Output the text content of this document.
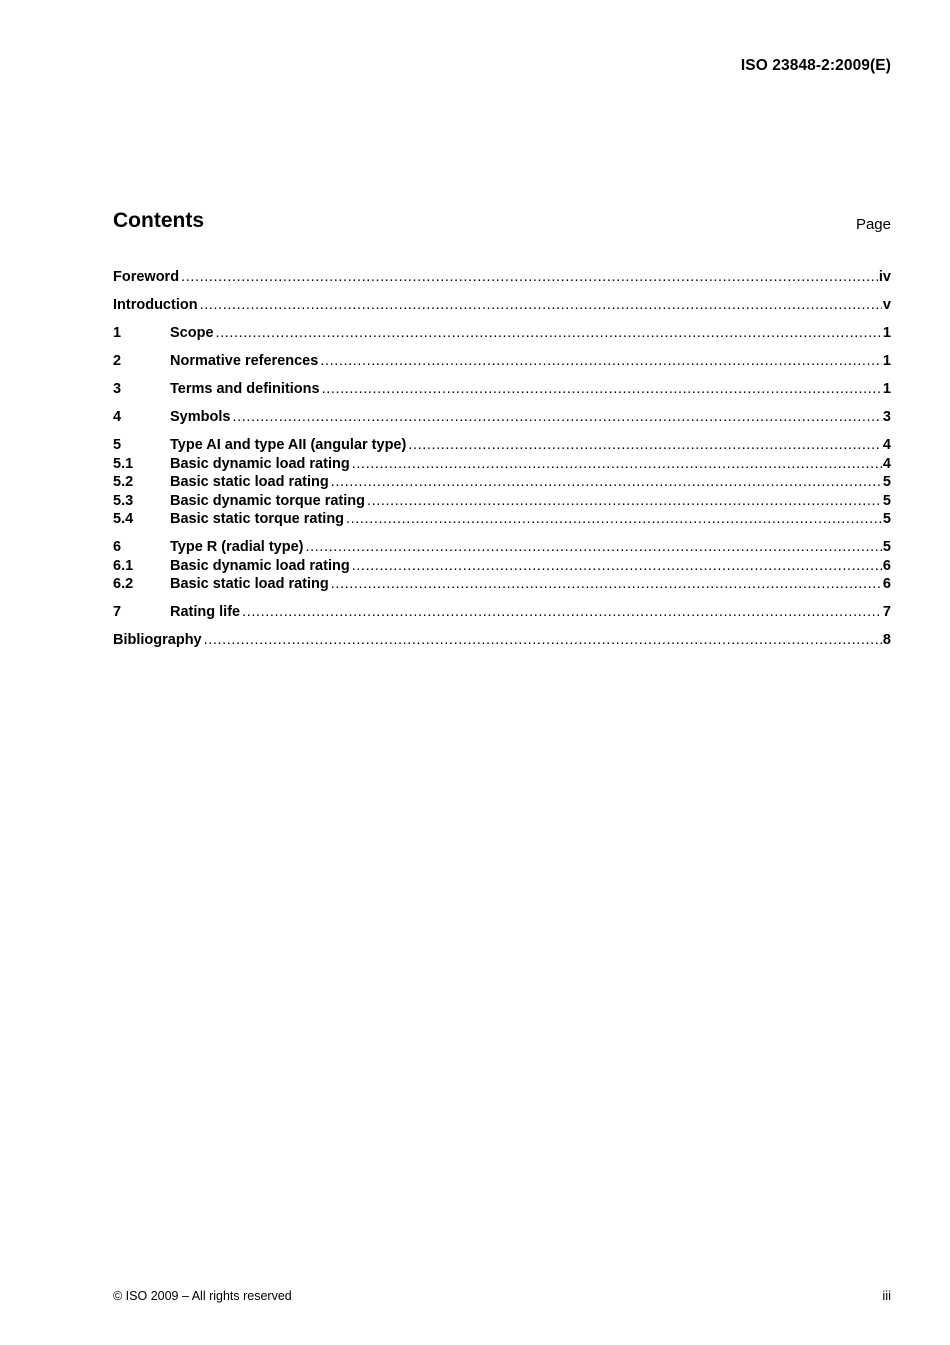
ISO 23848-2:2009(E)
Contents	Page
Foreword .....	iv
Introduction .....	v
1	Scope .....	1
2	Normative references .....	1
3	Terms and definitions .....	1
4	Symbols .....	3
5	Type AI and type AII (angular type) .....	4
5.1	Basic dynamic load rating .....	4
5.2	Basic static load rating .....	5
5.3	Basic dynamic torque rating .....	5
5.4	Basic static torque rating .....	5
6	Type R (radial type) .....	5
6.1	Basic dynamic load rating .....	6
6.2	Basic static load rating .....	6
7	Rating life .....	7
Bibliography .....	8
© ISO 2009 – All rights reserved	iii
